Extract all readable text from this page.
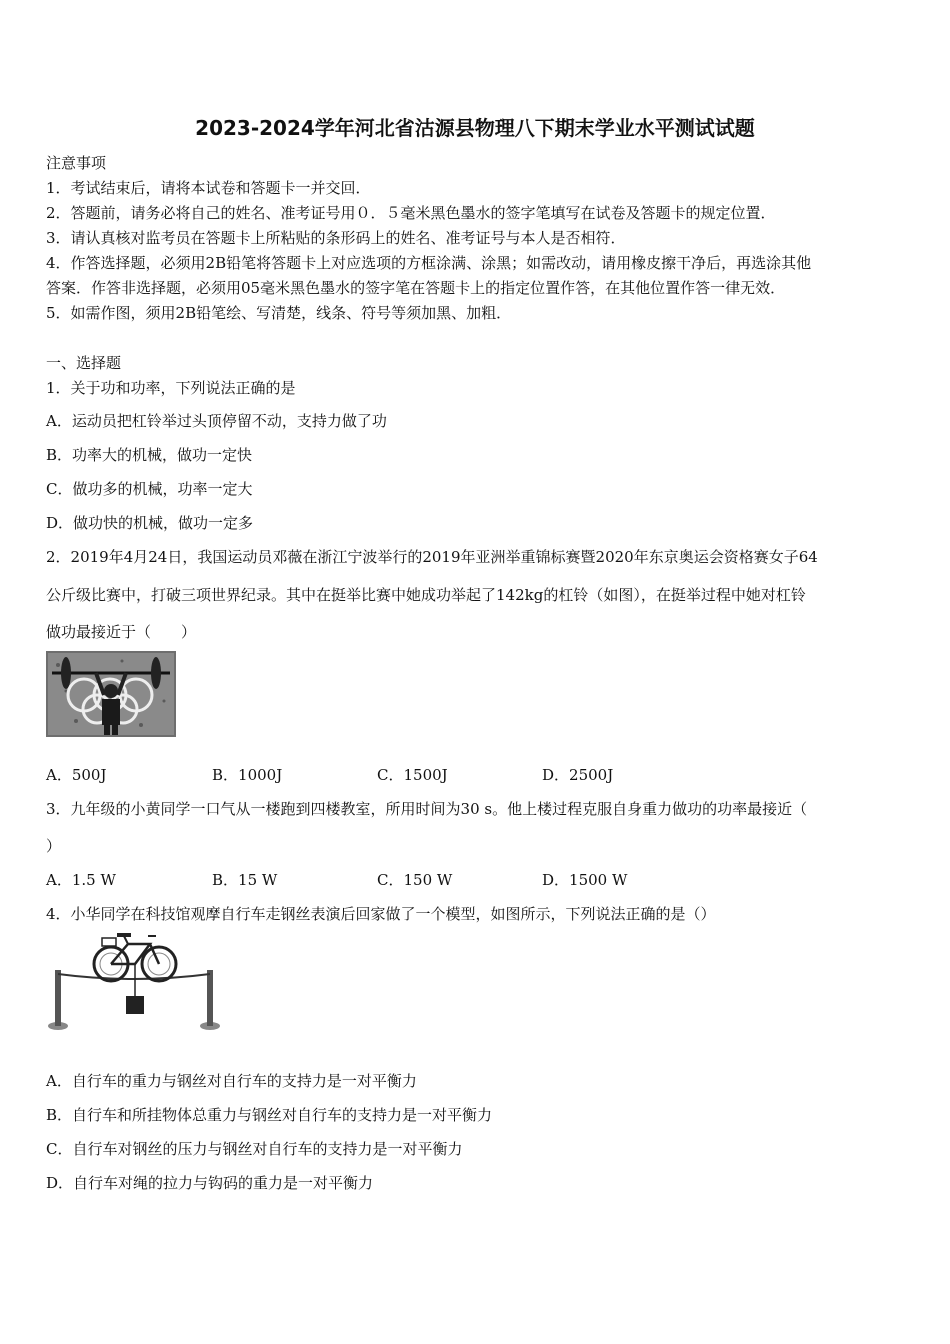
2023-2024学年河北省沽源县物理八下期末学业水平测试试题
注意事项
1．考试结束后，请将本试卷和答题卡一并交回．
2．答题前，请务必将自己的姓名、准考证号用０．５毫米黑色墨水的签字笔填写在试卷及答题卡的规定位置．
3．请认真核对监考员在答题卡上所粘贴的条形码上的姓名、准考证号与本人是否相符．
4．作答选择题，必须用2B铅笔将答题卡上对应选项的方框涂满、涂黑；如需改动，请用橡皮擦干净后，再选涂其他
答案．作答非选择题，必须用05毫米黑色墨水的签字笔在答题卡上的指定位置作答，在其他位置作答一律无效．
5．如需作图，须用2B铅笔绘、写清楚，线条、符号等须加黑、加粗．
一、选择题
1．关于功和功率，下列说法正确的是
A．运动员把杠铃举过头顶停留不动，支持力做了功
B．功率大的机械，做功一定快
C．做功多的机械，功率一定大
D．做功快的机械，做功一定多
2．2019年4月24日，我国运动员邓薇在浙江宁波举行的2019年亚洲举重锦标赛暨2020年东京奥运会资格赛女子64
公斤级比赛中，打破三项世界纪录。其中在挺举比赛中她成功举起了142kg的杠铃（如图），在挺举过程中她对杠铃
做功最接近于（　　）
A．500J	B．1000J	C．1500J	D．2500J
3．九年级的小黄同学一口气从一楼跑到四楼教室，所用时间为30 s。他上楼过程克服自身重力做功的功率最接近（
）
A．1.5 W	B．15 W	C．150 W	D．1500 W
4．小华同学在科技馆观摩自行车走钢丝表演后回家做了一个模型，如图所示，下列说法正确的是（）
A．自行车的重力与钢丝对自行车的支持力是一对平衡力
B．自行车和所挂物体总重力与钢丝对自行车的支持力是一对平衡力
C．自行车对钢丝的压力与钢丝对自行车的支持力是一对平衡力
D．自行车对绳的拉力与钩码的重力是一对平衡力
